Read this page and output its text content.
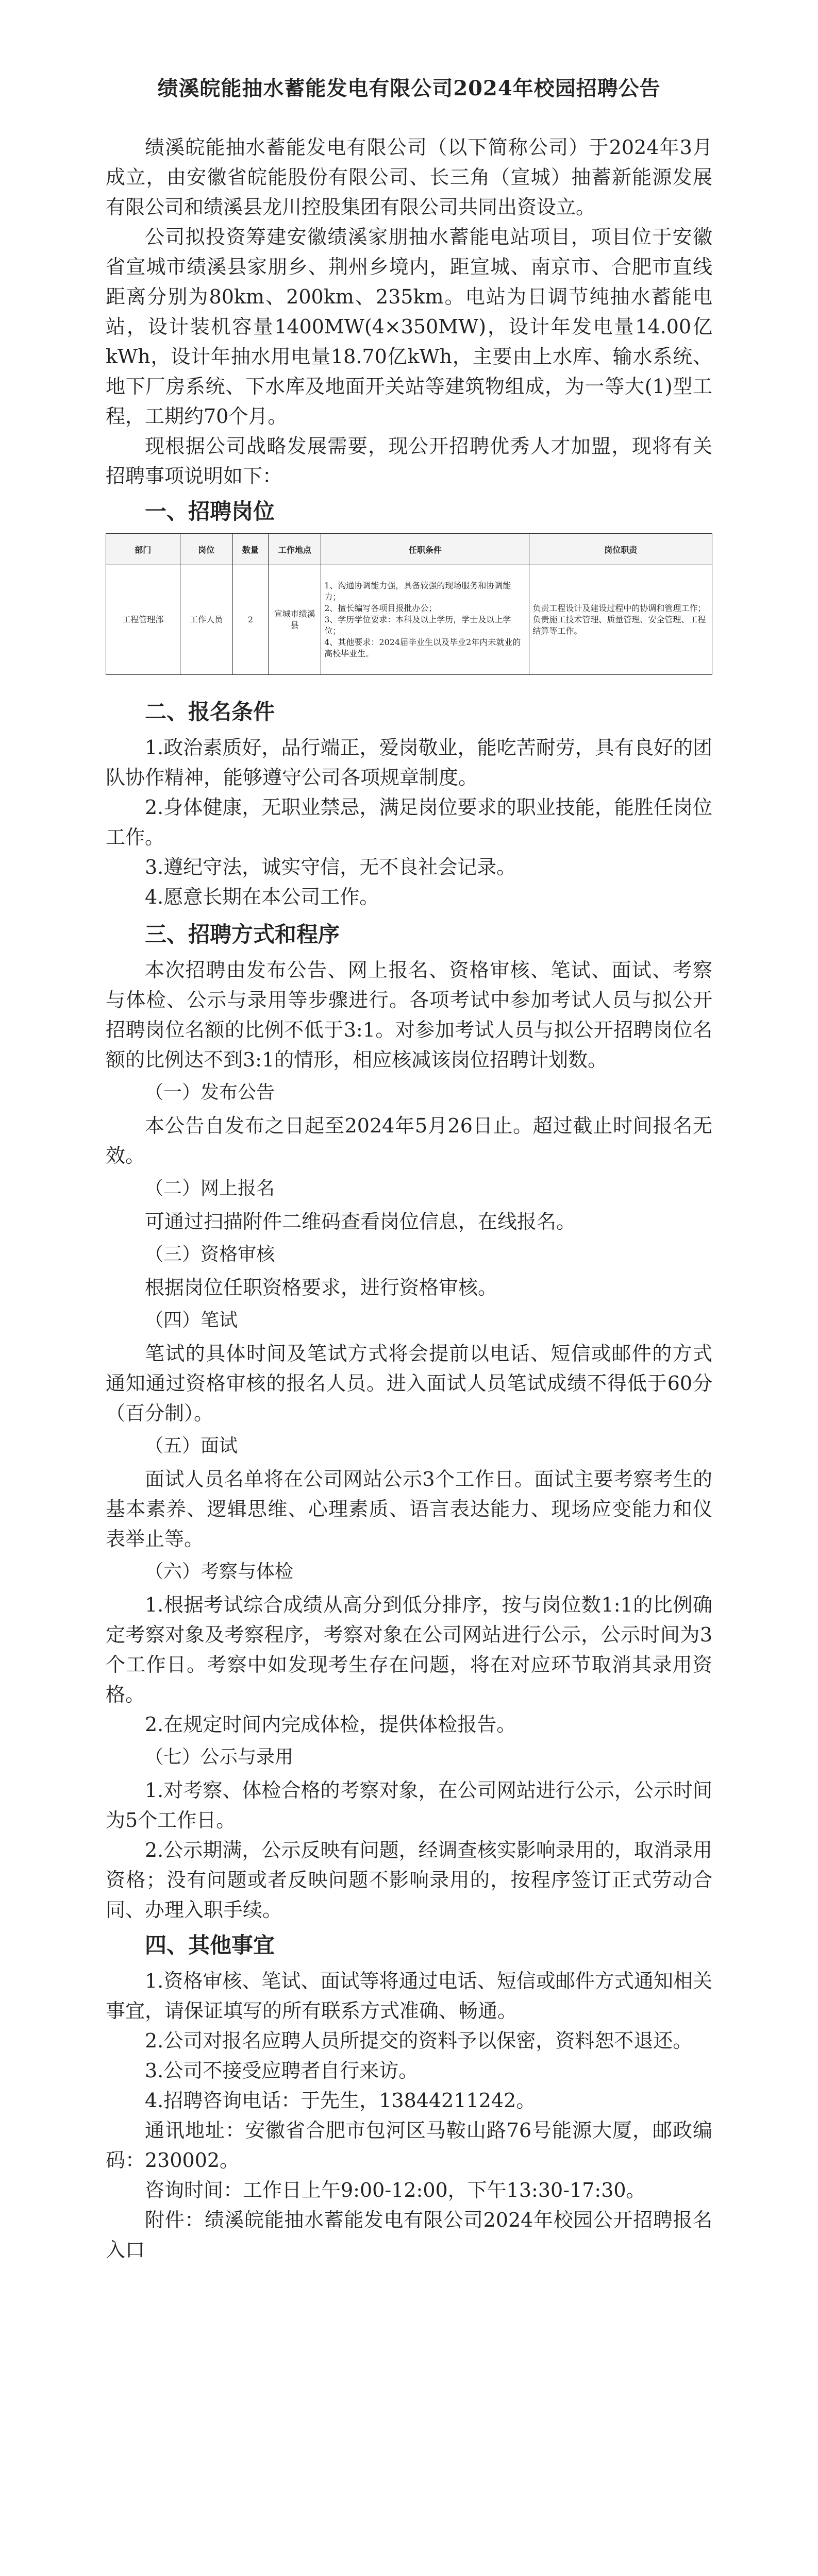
绩溪皖能抽水蓄能发电有限公司2024年校园招聘公告

绩溪皖能抽水蓄能发电有限公司（以下简称公司）于2024年3月成立，由安徽省皖能股份有限公司、长三角（宣城）抽蓄新能源发展有限公司和绩溪县龙川控股集团有限公司共同出资设立。

公司拟投资筹建安徽绩溪家朋抽水蓄能电站项目，项目位于安徽省宣城市绩溪县家朋乡、荆州乡境内，距宣城、南京市、合肥市直线距离分别为80km、200km、235km。电站为日调节纯抽水蓄能电站，设计装机容量1400MW(4×350MW)，设计年发电量14.00亿kWh，设计年抽水用电量18.70亿kWh，主要由上水库、输水系统、地下厂房系统、下水库及地面开关站等建筑物组成，为一等大(1)型工程，工期约70个月。

现根据公司战略发展需要，现公开招聘优秀人才加盟，现将有关招聘事项说明如下：

一、招聘岗位
部门	岗位	数量	工作地点	任职条件	岗位职责
工程管理部	工作人员	2	宣城市绩溪县	1、沟通协调能力强，具备较强的现场服务和协调能力；
2、擅长编写各项目报批办公；
3、学历学位要求：本科及以上学历，学士及以上学位；
4、其他要求：2024届毕业生以及毕业2年内未就业的高校毕业生。	负责工程设计及建设过程中的协调和管理工作；负责施工技术管理、质量管理、安全管理、工程结算等工作。
二、报名条件

1.政治素质好，品行端正，爱岗敬业，能吃苦耐劳，具有良好的团队协作精神，能够遵守公司各项规章制度。

2.身体健康，无职业禁忌，满足岗位要求的职业技能，能胜任岗位工作。

3.遵纪守法，诚实守信，无不良社会记录。

4.愿意长期在本公司工作。

三、招聘方式和程序

本次招聘由发布公告、网上报名、资格审核、笔试、面试、考察与体检、公示与录用等步骤进行。各项考试中参加考试人员与拟公开招聘岗位名额的比例不低于3:1。对参加考试人员与拟公开招聘岗位名额的比例达不到3:1的情形，相应核减该岗位招聘计划数。

（一）发布公告

本公告自发布之日起至2024年5月26日止。超过截止时间报名无效。

（二）网上报名

可通过扫描附件二维码查看岗位信息，在线报名。

（三）资格审核

根据岗位任职资格要求，进行资格审核。

（四）笔试

笔试的具体时间及笔试方式将会提前以电话、短信或邮件的方式通知通过资格审核的报名人员。进入面试人员笔试成绩不得低于60分（百分制）。

（五）面试

面试人员名单将在公司网站公示3个工作日。面试主要考察考生的基本素养、逻辑思维、心理素质、语言表达能力、现场应变能力和仪表举止等。

（六）考察与体检

1.根据考试综合成绩从高分到低分排序，按与岗位数1:1的比例确定考察对象及考察程序，考察对象在公司网站进行公示，公示时间为3个工作日。考察中如发现考生存在问题，将在对应环节取消其录用资格。

2.在规定时间内完成体检，提供体检报告。

（七）公示与录用

1.对考察、体检合格的考察对象，在公司网站进行公示，公示时间为5个工作日。

2.公示期满，公示反映有问题，经调查核实影响录用的，取消录用资格；没有问题或者反映问题不影响录用的，按程序签订正式劳动合同、办理入职手续。

四、其他事宜

1.资格审核、笔试、面试等将通过电话、短信或邮件方式通知相关事宜，请保证填写的所有联系方式准确、畅通。

2.公司对报名应聘人员所提交的资料予以保密，资料恕不退还。

3.公司不接受应聘者自行来访。

4.招聘咨询电话：于先生，13844211242。

通讯地址：安徽省合肥市包河区马鞍山路76号能源大厦，邮政编码：230002。

咨询时间：工作日上午9:00-12:00，下午13:30-17:30。

附件：绩溪皖能抽水蓄能发电有限公司2024年校园公开招聘报名入口
